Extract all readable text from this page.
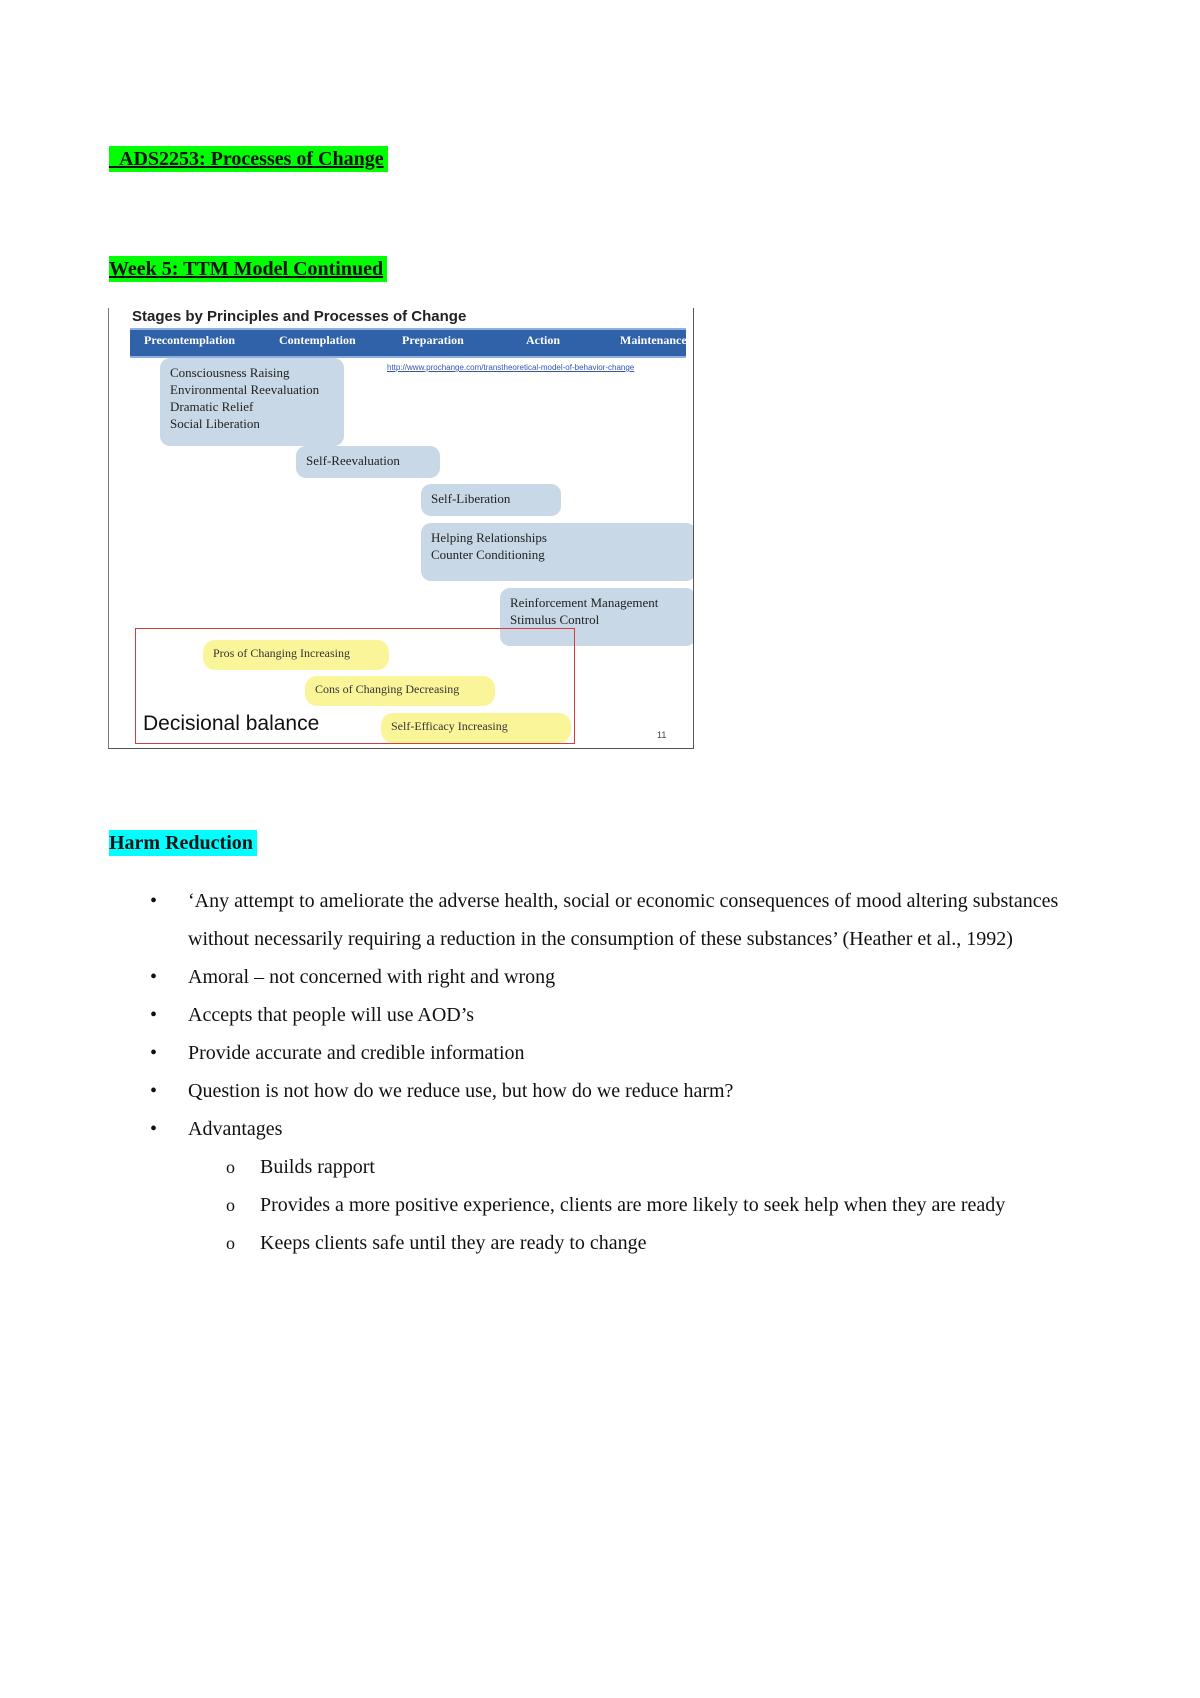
_ADS2253: Processes of Change
Week 5: TTM Model Continued
Stages by Principles and Processes of Change
Precontemplation	Contemplation	Preparation	Action	Maintenance
http://www.prochange.com/transtheoretical-model-of-behavior-change
Consciousness Raising
Environmental Reevaluation
Dramatic Relief
Social Liberation
Self-Reevaluation
Self-Liberation
Helping Relationships
Counter Conditioning
Reinforcement Management
Stimulus Control
Pros of Changing Increasing
Cons of Changing Decreasing
Self-Efficacy Increasing
Decisional balance	11
Harm Reduction
• ‘Any attempt to ameliorate the adverse health, social or economic consequences of mood altering substances without necessarily requiring a reduction in the consumption of these substances’ (Heather et al., 1992)
• Amoral – not concerned with right and wrong
• Accepts that people will use AOD’s
• Provide accurate and credible information
• Question is not how do we reduce use, but how do we reduce harm?
• Advantages
o Builds rapport
o Provides a more positive experience, clients are more likely to seek help when they are ready
o Keeps clients safe until they are ready to change
